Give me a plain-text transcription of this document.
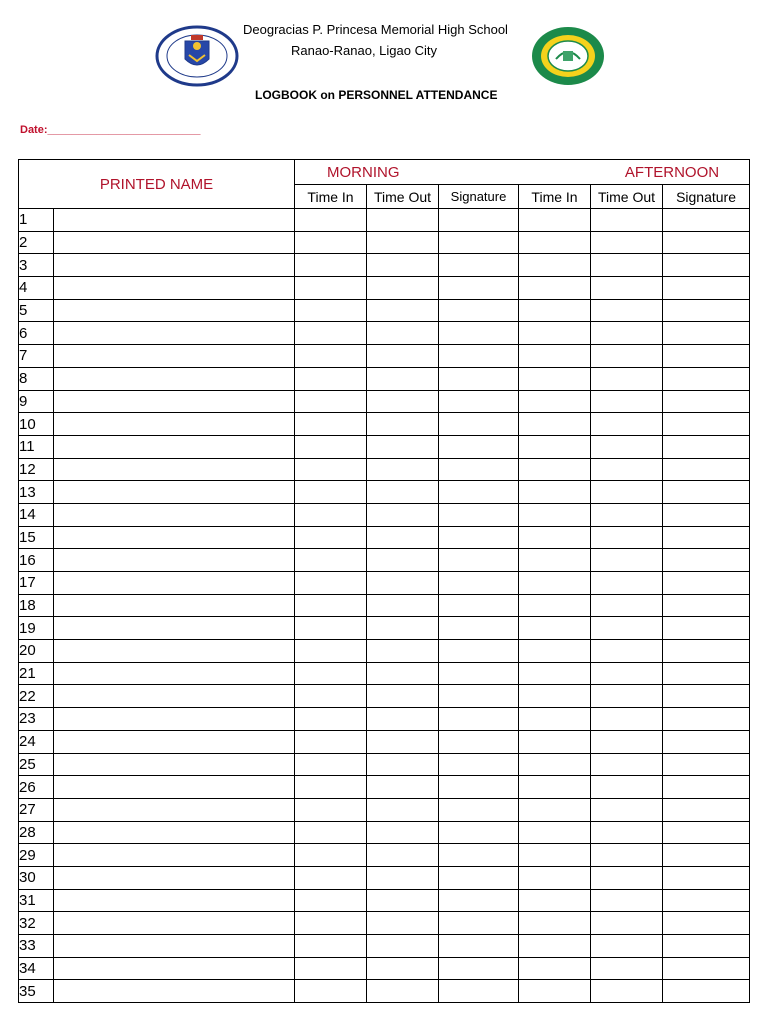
Deogracias P. Princesa Memorial High School
Ranao-Ranao, Ligao City
LOGBOOK on PERSONNEL ATTENDANCE
Date:_________________________
PRINTED NAME		MORNING AFTERNOON					

		Time In	Time Out	Signature	Time In	Time Out	Signature
1							
2							
3							
4							
5							
6							
7							
8							
9							
10							
11							
12							
13							
14							
15							
16							
17							
18							
19							
20							
21							
22							
23							
24							
25							
26							
27							
28							
29							
30							
31							
32							
33							
34							
35							
